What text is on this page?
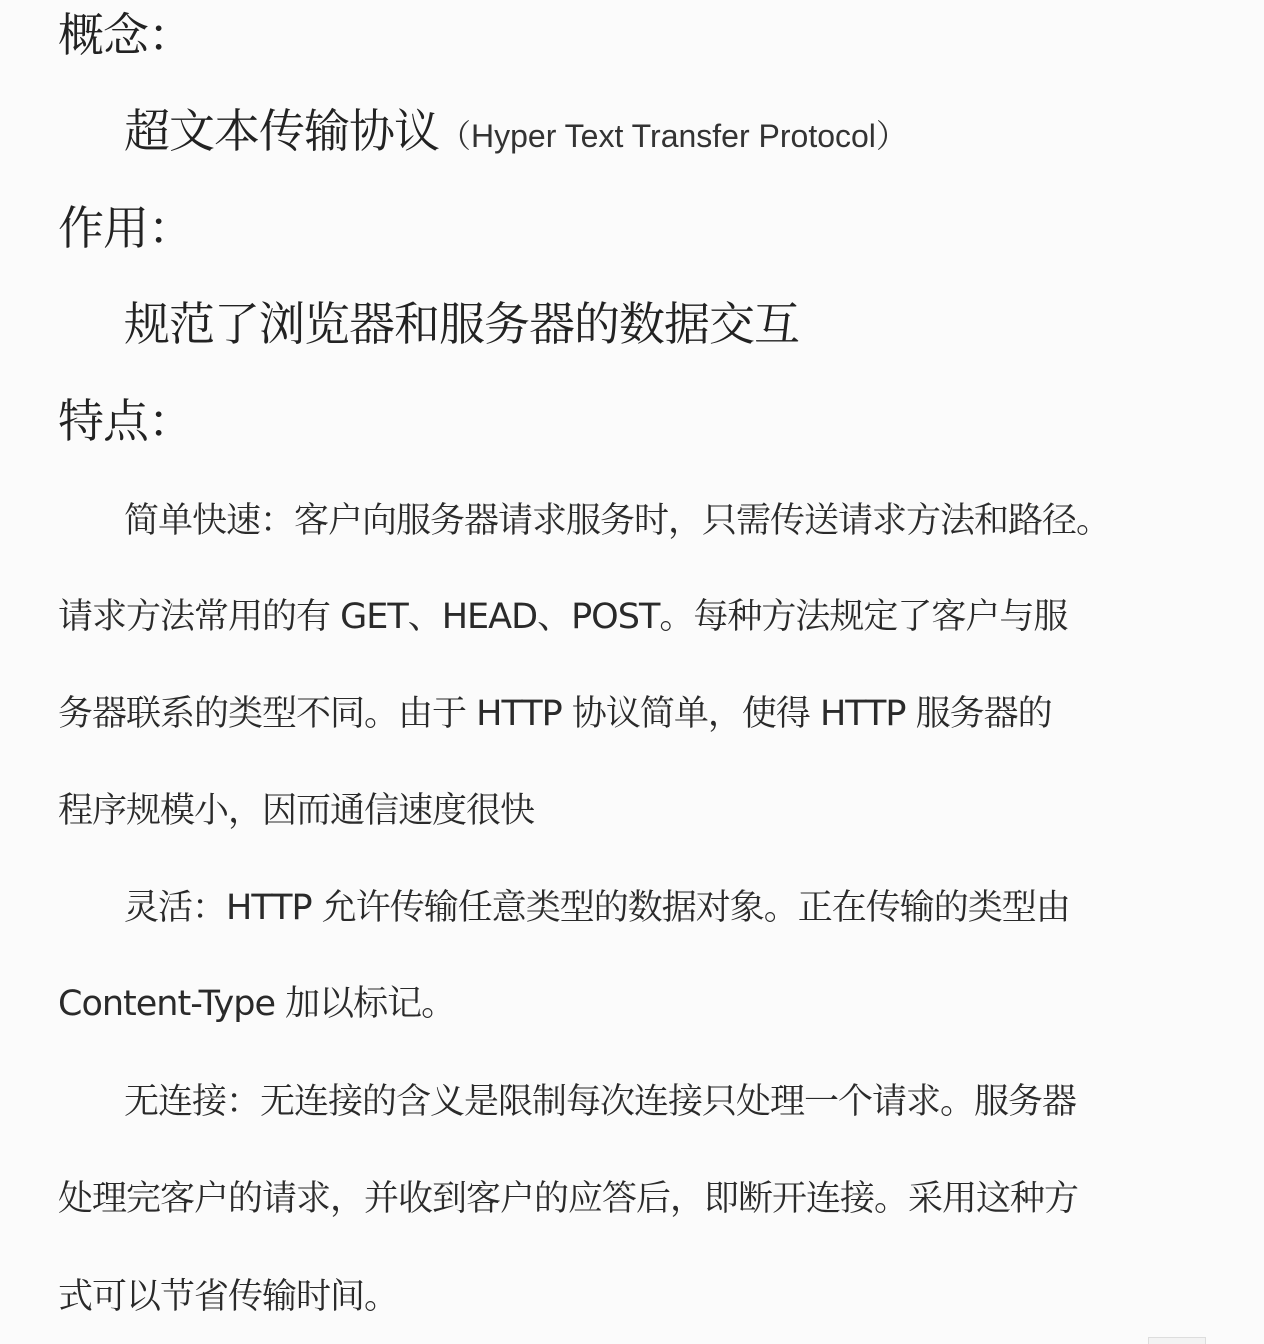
概念：
超文本传输协议（Hyper Text Transfer Protocol）
作用：
规范了浏览器和服务器的数据交互
特点：
简单快速：客户向服务器请求服务时，只需传送请求方法和路径。
请求方法常用的有 GET、HEAD、POST。每种方法规定了客户与服
务器联系的类型不同。由于 HTTP 协议简单，使得 HTTP 服务器的
程序规模小，因而通信速度很快
灵活：HTTP 允许传输任意类型的数据对象。正在传输的类型由
Content-Type 加以标记。
无连接：无连接的含义是限制每次连接只处理一个请求。服务器
处理完客户的请求，并收到客户的应答后，即断开连接。采用这种方
式可以节省传输时间。
